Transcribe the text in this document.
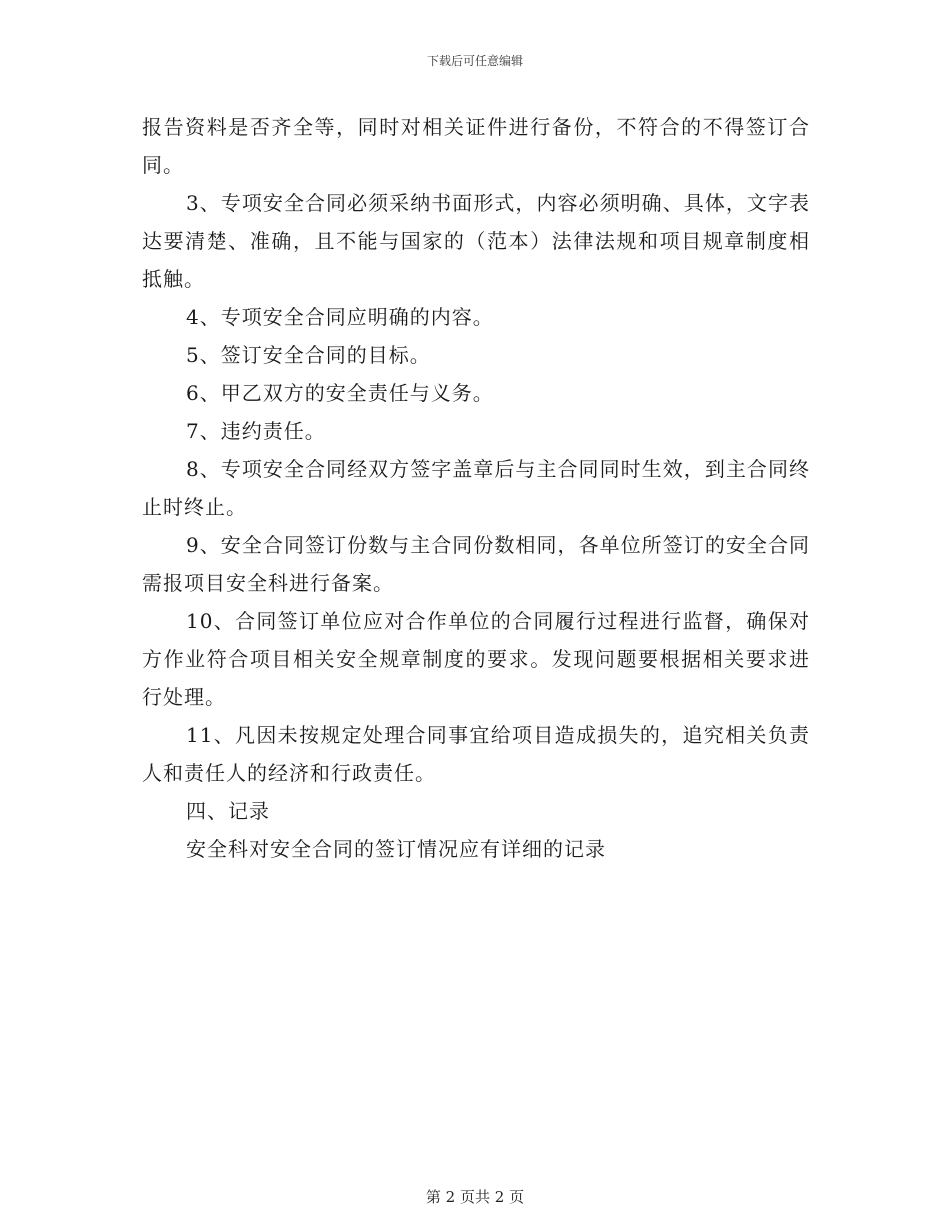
下载后可任意编辑

报告资料是否齐全等，同时对相关证件进行备份，不符合的不得签订合同。

3、专项安全合同必须采纳书面形式，内容必须明确、具体，文字表达要清楚、准确，且不能与国家的（范本）法律法规和项目规章制度相抵触。

4、专项安全合同应明确的内容。

5、签订安全合同的目标。

6、甲乙双方的安全责任与义务。

7、违约责任。

8、专项安全合同经双方签字盖章后与主合同同时生效，到主合同终止时终止。

9、安全合同签订份数与主合同份数相同，各单位所签订的安全合同需报项目安全科进行备案。

10、合同签订单位应对合作单位的合同履行过程进行监督，确保对方作业符合项目相关安全规章制度的要求。发现问题要根据相关要求进行处理。

11、凡因未按规定处理合同事宜给项目造成损失的，追究相关负责人和责任人的经济和行政责任。

四、记录

安全科对安全合同的签订情况应有详细的记录

第 2 页共 2 页
